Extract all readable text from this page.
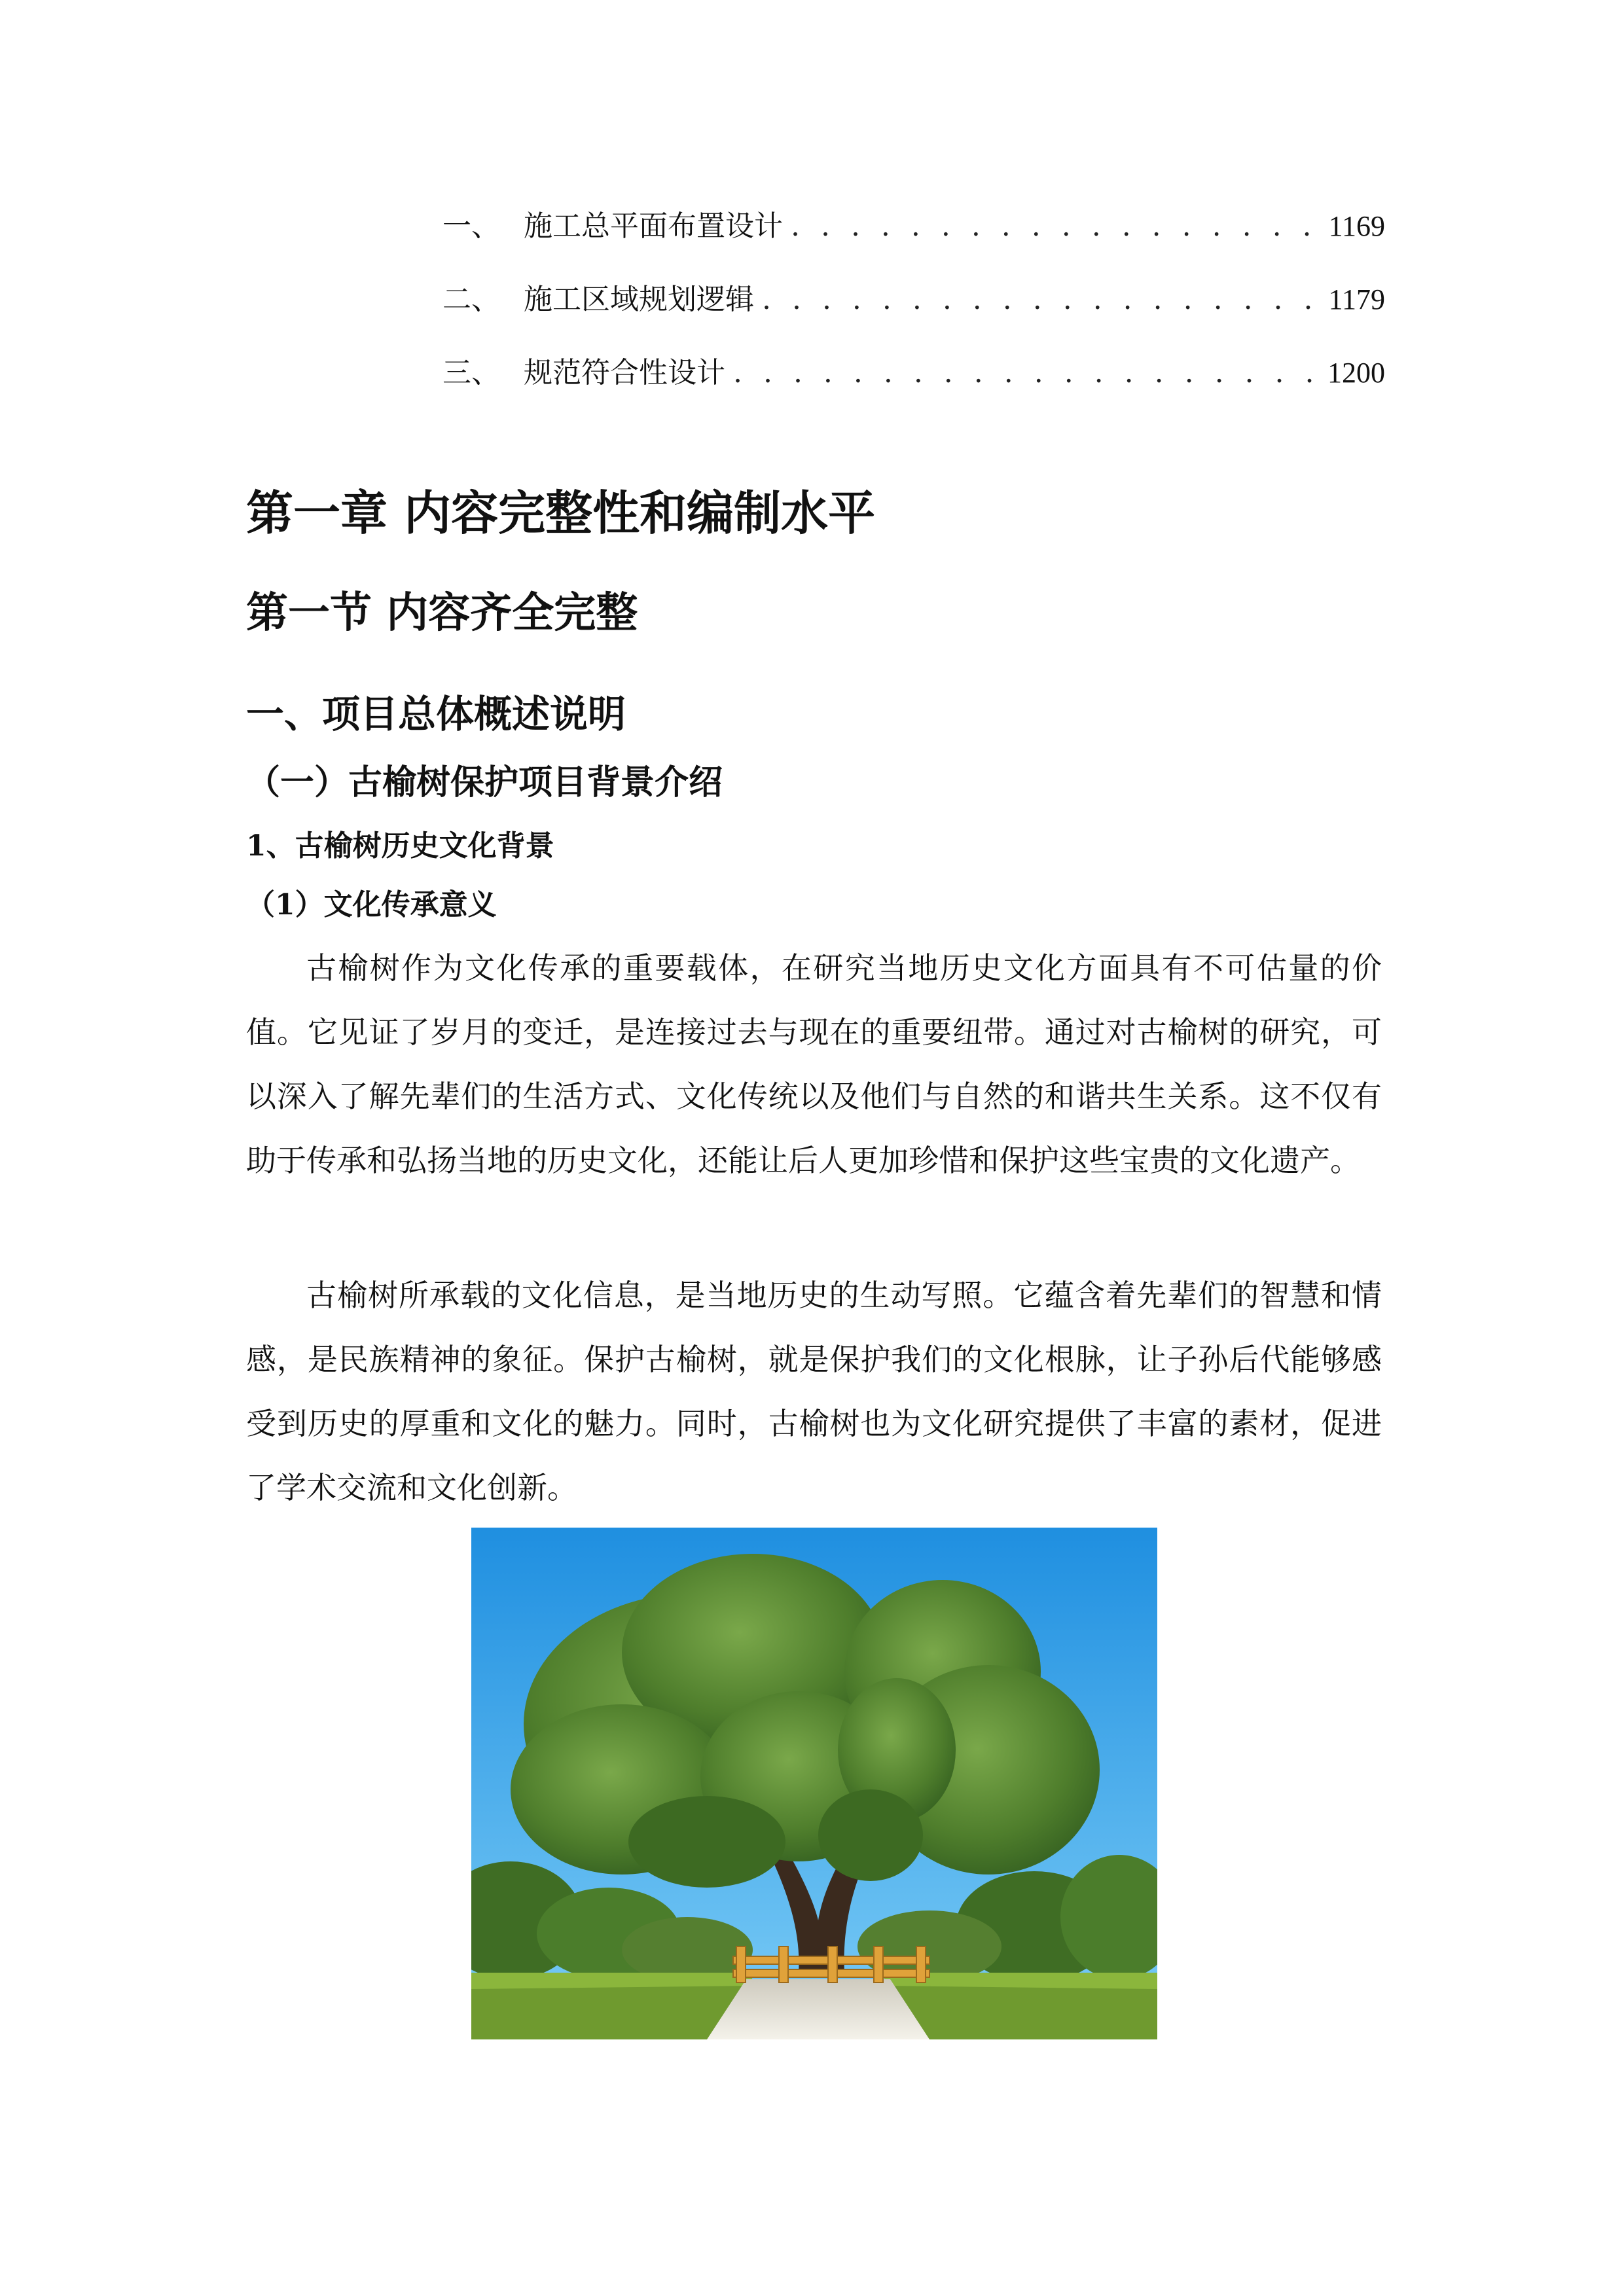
一、 施工总平面布置设计 . . .	1169
二、 施工区域规划逻辑 . . .	1179
三、 规范符合性设计 . . .	1200
第一章 内容完整性和编制水平
第一节 内容齐全完整
一、项目总体概述说明
（一）古榆树保护项目背景介绍
1、古榆树历史文化背景
（1）文化传承意义

古榆树作为文化传承的重要载体，在研究当地历史文化方面具有不可估量的价值。它见证了岁月的变迁，是连接过去与现在的重要纽带。通过对古榆树的研究，可以深入了解先辈们的生活方式、文化传统以及他们与自然的和谐共生关系。这不仅有助于传承和弘扬当地的历史文化，还能让后人更加珍惜和保护这些宝贵的文化遗产。

古榆树所承载的文化信息，是当地历史的生动写照。它蕴含着先辈们的智慧和情感，是民族精神的象征。保护古榆树，就是保护我们的文化根脉，让子孙后代能够感受到历史的厚重和文化的魅力。同时，古榆树也为文化研究提供了丰富的素材，促进了学术交流和文化创新。
